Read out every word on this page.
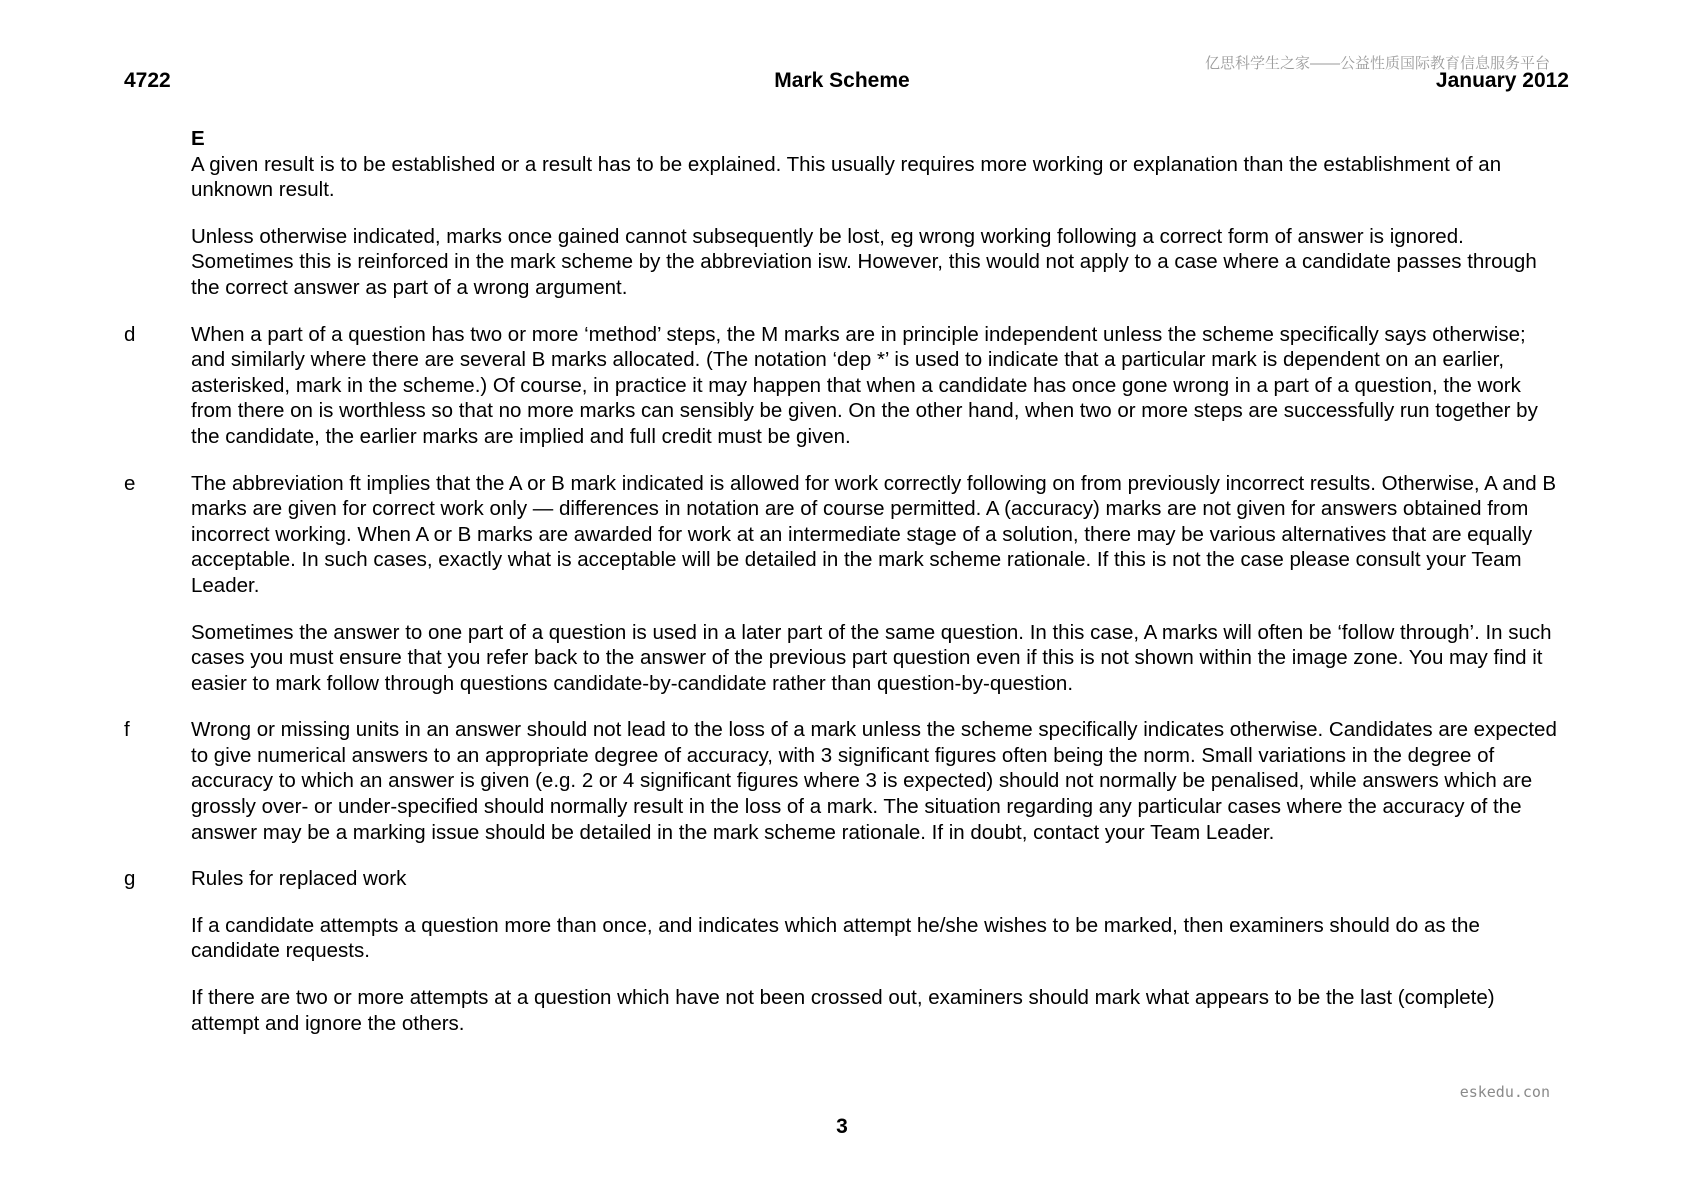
4722	Mark Scheme
亿思科学生之家——公益性质国际教育信息服务平台
January 2012
E
A given result is to be established or a result has to be explained. This usually requires more working or explanation than the establishment of an unknown result.
Unless otherwise indicated, marks once gained cannot subsequently be lost, eg wrong working following a correct form of answer is ignored. Sometimes this is reinforced in the mark scheme by the abbreviation isw. However, this would not apply to a case where a candidate passes through the correct answer as part of a wrong argument.
d	When a part of a question has two or more ‘method’ steps, the M marks are in principle independent unless the scheme specifically says otherwise; and similarly where there are several B marks allocated. (The notation ‘dep *’ is used to indicate that a particular mark is dependent on an earlier, asterisked, mark in the scheme.) Of course, in practice it may happen that when a candidate has once gone wrong in a part of a question, the work from there on is worthless so that no more marks can sensibly be given. On the other hand, when two or more steps are successfully run together by the candidate, the earlier marks are implied and full credit must be given.
e	The abbreviation ft implies that the A or B mark indicated is allowed for work correctly following on from previously incorrect results. Otherwise, A and B marks are given for correct work only — differences in notation are of course permitted. A (accuracy) marks are not given for answers obtained from incorrect working. When A or B marks are awarded for work at an intermediate stage of a solution, there may be various alternatives that are equally acceptable. In such cases, exactly what is acceptable will be detailed in the mark scheme rationale. If this is not the case please consult your Team Leader.
Sometimes the answer to one part of a question is used in a later part of the same question. In this case, A marks will often be ‘follow through’. In such cases you must ensure that you refer back to the answer of the previous part question even if this is not shown within the image zone. You may find it easier to mark follow through questions candidate-by-candidate rather than question-by-question.
f	Wrong or missing units in an answer should not lead to the loss of a mark unless the scheme specifically indicates otherwise. Candidates are expected to give numerical answers to an appropriate degree of accuracy, with 3 significant figures often being the norm. Small variations in the degree of accuracy to which an answer is given (e.g. 2 or 4 significant figures where 3 is expected) should not normally be penalised, while answers which are grossly over- or under-specified should normally result in the loss of a mark. The situation regarding any particular cases where the accuracy of the answer may be a marking issue should be detailed in the mark scheme rationale. If in doubt, contact your Team Leader.
g	Rules for replaced work
If a candidate attempts a question more than once, and indicates which attempt he/she wishes to be marked, then examiners should do as the candidate requests.
If there are two or more attempts at a question which have not been crossed out, examiners should mark what appears to be the last (complete) attempt and ignore the others.
eskedu.con
3
